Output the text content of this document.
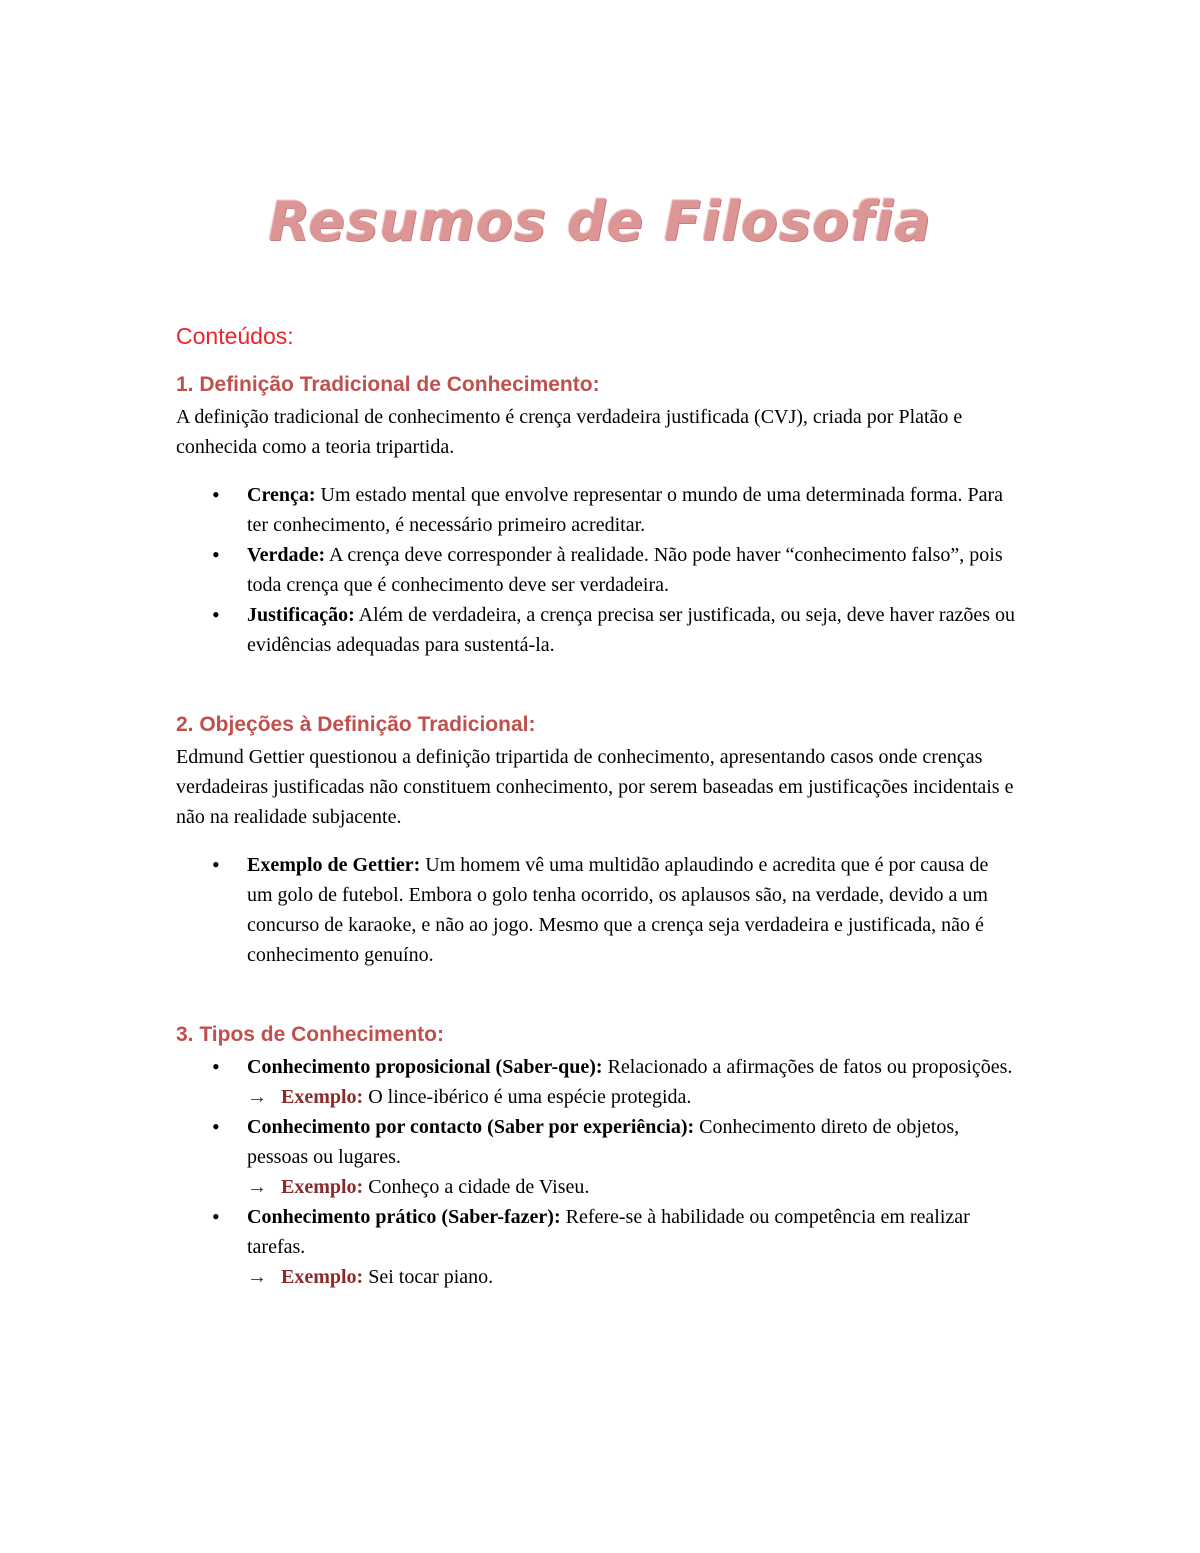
Resumos de Filosofia

Conteúdos:

1. Definição Tradicional de Conhecimento:

A definição tradicional de conhecimento é crença verdadeira justificada (CVJ), criada por Platão e conhecida como a teoria tripartida.

• Crença: Um estado mental que envolve representar o mundo de uma determinada forma. Para ter conhecimento, é necessário primeiro acreditar.
• Verdade: A crença deve corresponder à realidade. Não pode haver “conhecimento falso”, pois toda crença que é conhecimento deve ser verdadeira.
• Justificação: Além de verdadeira, a crença precisa ser justificada, ou seja, deve haver razões ou evidências adequadas para sustentá-la.

2. Objeções à Definição Tradicional:

Edmund Gettier questionou a definição tripartida de conhecimento, apresentando casos onde crenças verdadeiras justificadas não constituem conhecimento, por serem baseadas em justificações incidentais e não na realidade subjacente.

• Exemplo de Gettier: Um homem vê uma multidão aplaudindo e acredita que é por causa de um golo de futebol. Embora o golo tenha ocorrido, os aplausos são, na verdade, devido a um concurso de karaoke, e não ao jogo. Mesmo que a crença seja verdadeira e justificada, não é conhecimento genuíno.

3. Tipos de Conhecimento:

• Conhecimento proposicional (Saber-que): Relacionado a afirmações de fatos ou proposições.
→ Exemplo: O lince-ibérico é uma espécie protegida.
• Conhecimento por contacto (Saber por experiência): Conhecimento direto de objetos, pessoas ou lugares.
→ Exemplo: Conheço a cidade de Viseu.
• Conhecimento prático (Saber-fazer): Refere-se à habilidade ou competência em realizar tarefas.
→ Exemplo: Sei tocar piano.
